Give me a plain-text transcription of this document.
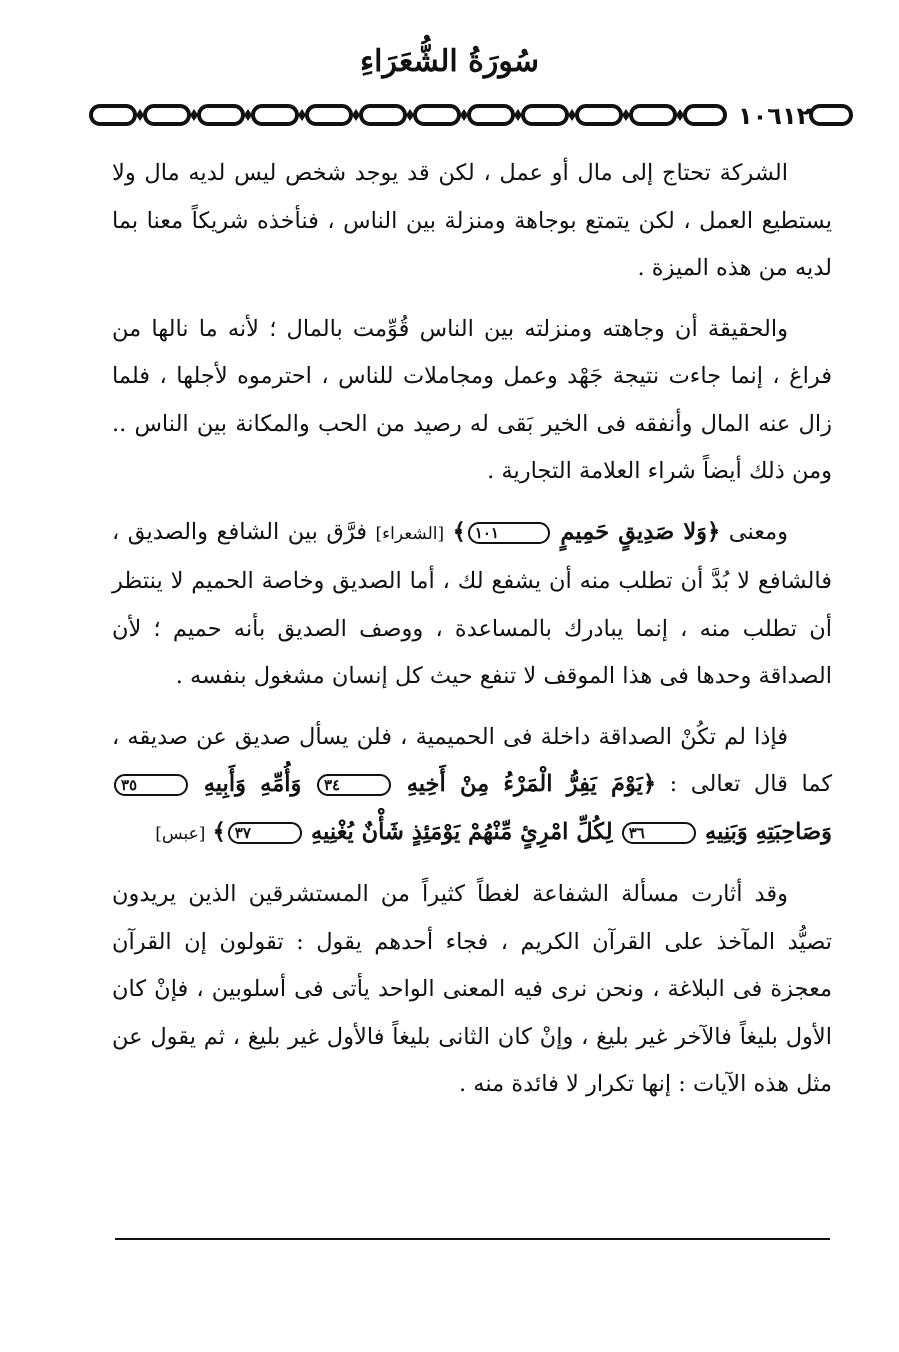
سُورَةُ الشُّعَرَاءِ
١٠٦١٢

الشركة تحتاج إلى مال أو عمل ، لكن قد يوجد شخص ليس لديه مال ولا يستطيع العمل ، لكن يتمتع بوجاهة ومنزلة بين الناس ، فنأخذه شريكاً معنا بما لديه من هذه الميزة .

والحقيقة أن وجاهته ومنزلته بين الناس قُوِّمت بالمال ؛ لأنه ما نالها من فراغ ، إنما جاءت نتيجة جَهْد وعمل ومجاملات للناس ، احترموه لأجلها ، فلما زال عنه المال وأنفقه فى الخير بَقى له رصيد من الحب والمكانة بين الناس .. ومن ذلك أيضاً شراء العلامة التجارية .

ومعنى ﴿وَلا صَدِيقٍ حَمِيمٍ ١٠١﴾ [الشعراء] فرَّق بين الشافع والصديق ، فالشافع لا بُدَّ أن تطلب منه أن يشفع لك ، أما الصديق وخاصة الحميم لا ينتظر أن تطلب منه ، إنما يبادرك بالمساعدة ، ووصف الصديق بأنه حميم ؛ لأن الصداقة وحدها فى هذا الموقف لا تنفع حيث كل إنسان مشغول بنفسه .

فإذا لم تكُنْ الصداقة داخلة فى الحميمية ، فلن يسأل صديق عن صديقه ، كما قال تعالى : ﴿يَوْمَ يَفِرُّ الْمَرْءُ مِنْ أَخِيهِ ٣٤ وَأُمِّهِ وَأَبِيهِ ٣٥ وَصَاحِبَتِهِ وَبَنِيهِ ٣٦ لِكُلِّ امْرِئٍ مِّنْهُمْ يَوْمَئِذٍ شَأْنٌ يُغْنِيهِ ٣٧﴾ [عبس]

وقد أثارت مسألة الشفاعة لغطاً كثيراً من المستشرقين الذين يريدون تصيُّد المآخذ على القرآن الكريم ، فجاء أحدهم يقول : تقولون إن القرآن معجزة فى البلاغة ، ونحن نرى فيه المعنى الواحد يأتى فى أسلوبين ، فإنْ كان الأول بليغاً فالآخر غير بليغ ، وإنْ كان الثانى بليغاً فالأول غير بليغ ، ثم يقول عن مثل هذه الآيات : إنها تكرار لا فائدة منه .
